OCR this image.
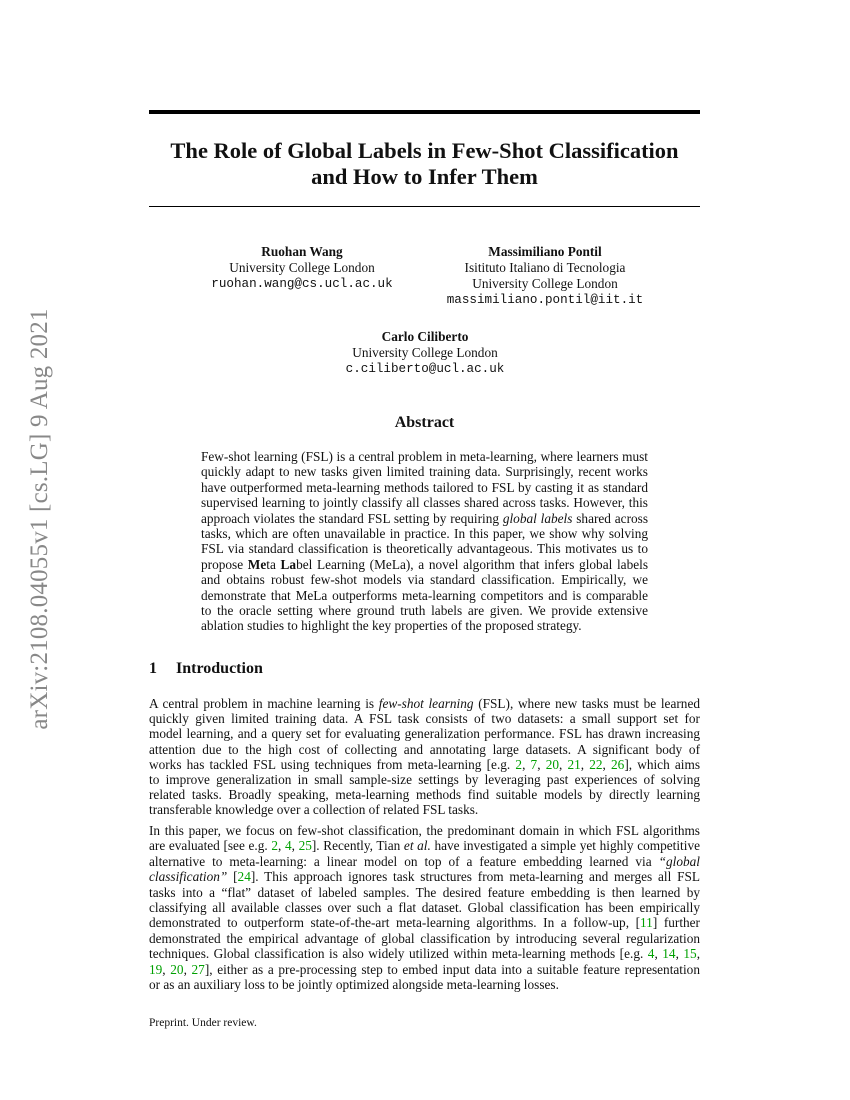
arXiv:2108.04055v1 [cs.LG] 9 Aug 2021
The Role of Global Labels in Few-Shot Classification
and How to Infer Them
Ruohan Wang
University College London
ruohan.wang@cs.ucl.ac.uk
Massimiliano Pontil
Isitituto Italiano di Tecnologia
University College London
massimiliano.pontil@iit.it
Carlo Ciliberto
University College London
c.ciliberto@ucl.ac.uk
Abstract
Few-shot learning (FSL) is a central problem in meta-learning, where learners must
quickly adapt to new tasks given limited training data. Surprisingly, recent works
have outperformed meta-learning methods tailored to FSL by casting it as standard
supervised learning to jointly classify all classes shared across tasks. However, this
approach violates the standard FSL setting by requiring global labels shared across
tasks, which are often unavailable in practice. In this paper, we show why solving
FSL via standard classification is theoretically advantageous. This motivates us to
propose Meta Label Learning (MeLa), a novel algorithm that infers global labels
and obtains robust few-shot models via standard classification. Empirically, we
demonstrate that MeLa outperforms meta-learning competitors and is comparable
to the oracle setting where ground truth labels are given. We provide extensive
ablation studies to highlight the key properties of the proposed strategy.
1 Introduction
A central problem in machine learning is few-shot learning (FSL), where new tasks must be learned
quickly given limited training data. A FSL task consists of two datasets: a small support set for
model learning, and a query set for evaluating generalization performance. FSL has drawn increasing
attention due to the high cost of collecting and annotating large datasets. A significant body of
works has tackled FSL using techniques from meta-learning [e.g. 2, 7, 20, 21, 22, 26], which aims
to improve generalization in small sample-size settings by leveraging past experiences of solving
related tasks. Broadly speaking, meta-learning methods find suitable models by directly learning
transferable knowledge over a collection of related FSL tasks.
In this paper, we focus on few-shot classification, the predominant domain in which FSL algorithms
are evaluated [see e.g. 2, 4, 25]. Recently, Tian et al. have investigated a simple yet highly competitive
alternative to meta-learning: a linear model on top of a feature embedding learned via “global
classification” [24]. This approach ignores task structures from meta-learning and merges all FSL
tasks into a “flat” dataset of labeled samples. The desired feature embedding is then learned by
classifying all available classes over such a flat dataset. Global classification has been empirically
demonstrated to outperform state-of-the-art meta-learning algorithms. In a follow-up, [11] further
demonstrated the empirical advantage of global classification by introducing several regularization
techniques. Global classification is also widely utilized within meta-learning methods [e.g. 4, 14, 15,
19, 20, 27], either as a pre-processing step to embed input data into a suitable feature representation
or as an auxiliary loss to be jointly optimized alongside meta-learning losses.
Preprint. Under review.
